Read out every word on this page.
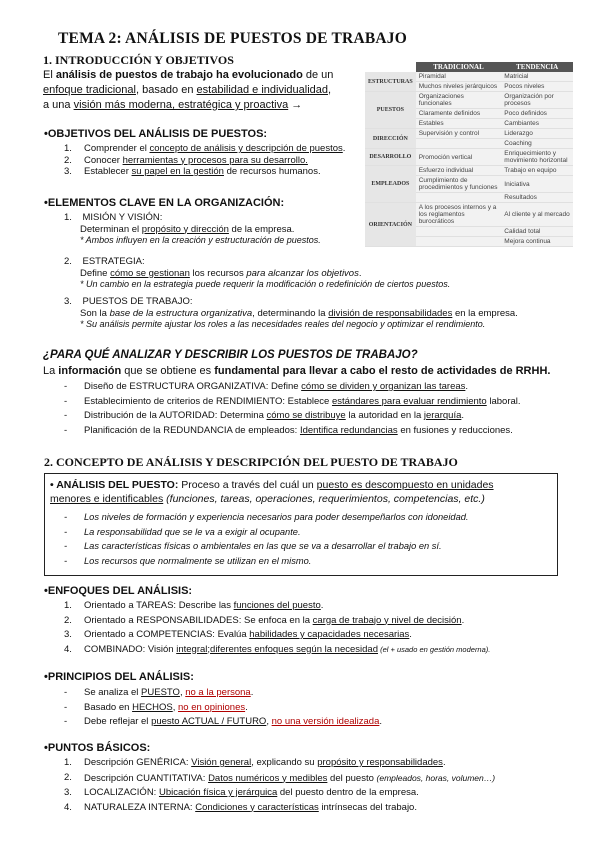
TEMA 2: ANÁLISIS DE PUESTOS DE TRABAJO
1. INTRODUCCIÓN Y OBJETIVOS
El análisis de puestos de trabajo ha evolucionado de un
enfoque tradicional, basado en estabilidad e individualidad,
a una visión más moderna, estratégica y proactiva →
	TRADICIONAL	TENDENCIA
ESTRUCTURAS	Piramidal	Matricial
	Muchos niveles jerárquicos	Pocos niveles
PUESTOS	Organizaciones funcionales	Organización por procesos
	Claramente definidos	Poco definidos
	Estables	Cambiantes
DIRECCIÓN	Supervisión y control	Liderazgo
		Coaching
DESARROLLO	Promoción vertical	Enriquecimiento y movimiento horizontal
EMPLEADOS	Esfuerzo individual	Trabajo en equipo
	Cumplimiento de procedimientos y funciones	Iniciativa
		Resultados
ORIENTACIÓN	A los procesos internos y a los reglamentos burocráticos	Al cliente y al mercado
		Calidad total
		Mejora continua
•OBJETIVOS DEL ANÁLISIS DE PUESTOS:
1. Comprender el concepto de análisis y descripción de puestos.
2. Conocer herramientas y procesos para su desarrollo.
3. Establecer su papel en la gestión de recursos humanos.
•ELEMENTOS CLAVE EN LA ORGANIZACIÓN:
1.    MISIÓN Y VISIÓN:
Determinan el propósito y dirección de la empresa.
* Ambos influyen en la creación y estructuración de puestos.
2.    ESTRATEGIA:
Define cómo se gestionan los recursos para alcanzar los objetivos.
* Un cambio en la estrategia puede requerir la modificación o redefinición de ciertos puestos.
3.    PUESTOS DE TRABAJO:
Son la base de la estructura organizativa, determinando la división de responsabilidades en la empresa.
* Su análisis permite ajustar los roles a las necesidades reales del negocio y optimizar el rendimiento.
¿PARA QUÉ ANALIZAR Y DESCRIBIR LOS PUESTOS DE TRABAJO?
La información que se obtiene es fundamental para llevar a cabo el resto de actividades de RRHH.
- Diseño de ESTRUCTURA ORGANIZATIVA: Define cómo se dividen y organizan las tareas.
- Establecimiento de criterios de RENDIMIENTO: Establece estándares para evaluar rendimiento laboral.
- Distribución de la AUTORIDAD: Determina cómo se distribuye la autoridad en la jerarquía.
- Planificación de la REDUNDANCIA de empleados: Identifica redundancias en fusiones y reducciones.
2. CONCEPTO DE ANÁLISIS Y DESCRIPCIÓN DEL PUESTO DE TRABAJO
• ANÁLISIS DEL PUESTO: Proceso a través del cuál un puesto es descompuesto en unidades
menores e identificables (funciones, tareas, operaciones, requerimientos, competencias, etc.)
- Los niveles de formación y experiencia necesarios para poder desempeñarlos con idoneidad.
- La responsabilidad que se le va a exigir al ocupante.
- Las características físicas o ambientales en las que se va a desarrollar el trabajo en sí.
- Los recursos que normalmente se utilizan en el mismo.
•ENFOQUES DEL ANÁLISIS:
1. Orientado a TAREAS: Describe las funciones del puesto.
2. Orientado a RESPONSABILIDADES: Se enfoca en la carga de trabajo y nivel de decisión.
3. Orientado a COMPETENCIAS: Evalúa habilidades y capacidades necesarias.
4. COMBINADO: Visión integral;diferentes enfoques según la necesidad (el + usado en gestión moderna).
•PRINCIPIOS DEL ANÁLISIS:
- Se analiza el PUESTO, no a la persona.
- Basado en HECHOS, no en opiniones.
- Debe reflejar el puesto ACTUAL / FUTURO, no una versión idealizada.
•PUNTOS BÁSICOS:
1. Descripción GENÉRICA: Visión general, explicando su propósito y responsabilidades.
2. Descripción CUANTITATIVA: Datos numéricos y medibles del puesto (empleados, horas, volumen…)
3. LOCALIZACIÓN: Ubicación física y jerárquica del puesto dentro de la empresa.
4. NATURALEZA INTERNA: Condiciones y características intrínsecas del trabajo.
